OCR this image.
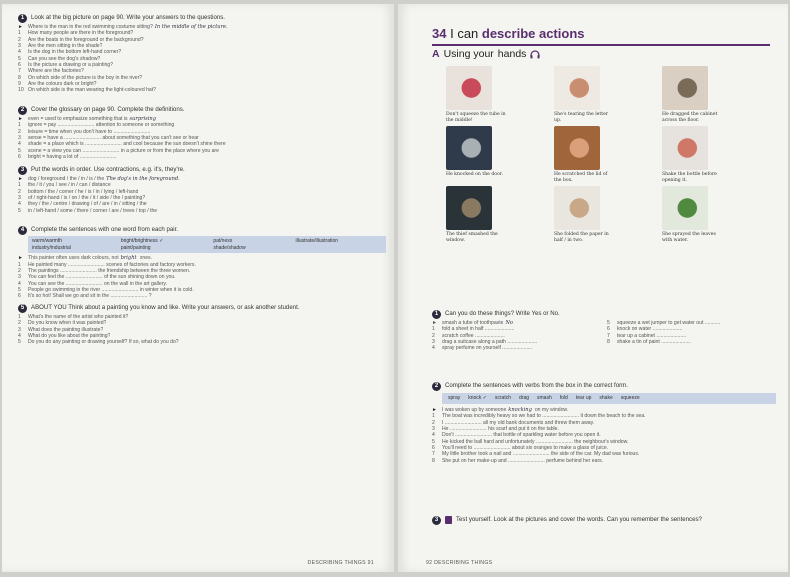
1	Look at the big picture on page 90. Write your answers to the questions.
► Where is the man in the red swimming costume sitting? In the middle of the picture.
1	How many people are there in the foreground?
2	Are the boats in the foreground or the background?
3	Are the men sitting in the shade?
4	Is the dog in the bottom left-hand corner?
5	Can you see the dog's shadow?
6	Is the picture a drawing or a painting?
7	Where are the factories?
8	On which side of the picture is the boy in the river?
9	Are the colours dark or bright?
10 On which side is the man wearing the light-coloured hat?
2	Cover the glossary on page 90. Complete the definitions.
► even = used to emphasize something that is surprising
1	ignore = pay .......................... attention to someone or something
2	leisure = time when you don't have to ..........................
3	sense = have a .......................... about something that you can't see or hear
4	shade = a place which is .......................... and cool because the sun doesn't shine there
5	scene = a view you can .......................... in a picture or from the place where you are
6	bright = having a lot of ..........................
3	Put the words in order. Use contractions, e.g. it's, they're.
► dog / foreground / the / in / is / the The dog's in the foreground.
1	the / it / you / see / in / can / distance
2	bottom / the / corner / he / is / in / lying / left-hand
3	of / right-hand / is / on / the / it / side / the / painting?
4	they / the / centre / drawing / of / are / in / sitting / the
5	in / left-hand / some / there / corner / are / trees / top / the
4	Complete the sentences with one word from each pair.
warm/warmth	bright/brightness ✓	pat/ness	illustrate/illustration
industry/industrial	paint/painting	shade/shadow
► This painter often uses dark colours, not bright ones.
1	He painted many .......................... scenes of factories and factory workers.
2	The paintings .......................... the friendship between the three women.
3	You can feel the .......................... of the sun shining down on you.
4	You can see the .......................... on the wall in the art gallery.
5	People go swimming in the river .......................... in winter when it is cold.
6	It's so hot! Shall we go and sit in the .......................... ?
5	ABOUT YOU Think about a painting you know and like. Write your answers, or ask another student.
1	What's the name of the artist who painted it?
2	Do you know when it was painted?
3	What does the painting illustrate?
4	What do you like about the painting?
5	Do you do any painting or drawing yourself? If so, what do you do?
DESCRIBING THINGS 91
34 I can describe actions
A Using your hands
Don't squeeze the tube in the middle!
She's tearing the letter up.
He dragged the cabinet across the floor.
He knocked on the door.	He scratched the lid of the box.
Shake the bottle before opening it.
The thief smashed the window.
She folded the paper in half / in two.
She sprayed the leaves with water.
1	Can you do these things? Write Yes or No.
► smash a tube of toothpaste No
1	fold a sheet in half .....................
2	scratch coffee .....................
3	drag a suitcase along a path .....................
4	spray perfume on yourself .....................
5	squeeze a wet jumper to get water out ...........
6	knock on water .....................
7	tear up a cabinet .....................
8	shake a tin of paint .....................
2	Complete the sentences with verbs from the box in the correct form.
spray knock ✓ scratch drag smash fold tear up shake squeeze
► I was woken up by someone knocking on my window.
1	The boat was incredibly heavy so we had to .......................... it down the beach to the sea.
2	I .......................... all my old bank documents and threw them away.
3	He .......................... his scarf and put it on the table.
4	Don't .......................... that bottle of sparkling water before you open it.
5	He kicked the ball hard and unfortunately .......................... the neighbour's window.
6	You'll need to .......................... about six oranges to make a glass of juice.
7	My little brother took a nail and .......................... the side of the car. My dad was furious.
8	She put on her make-up and .......................... perfume behind her ears.
3	Test yourself. Look at the pictures and cover the words. Can you remember the sentences?
92 DESCRIBING THINGS
